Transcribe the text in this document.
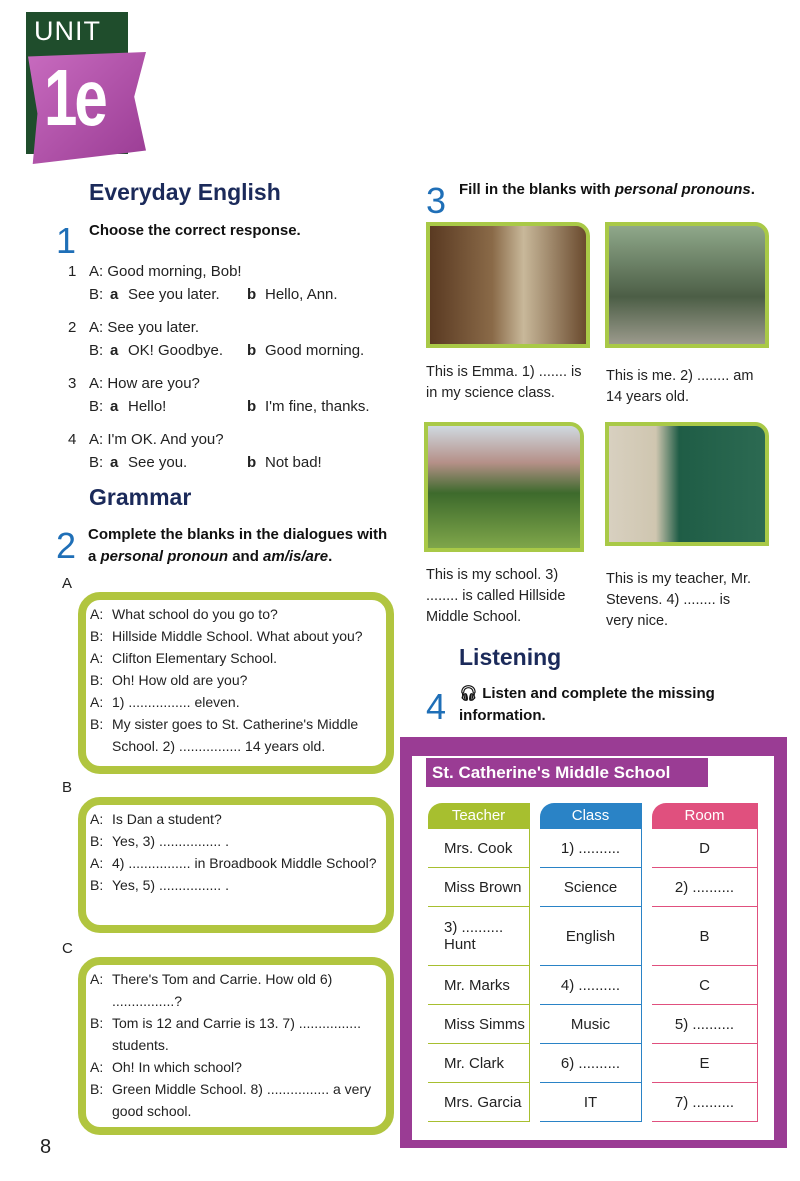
UNIT
1e
Everyday English
1 Choose the correct response.
1 A: Good morning, Bob!
B: a See you later. b Hello, Ann.
2 A: See you later.
B: a OK! Goodbye. b Good morning.
3 A: How are you?
B: a Hello!	b I'm fine, thanks.
4 A: I'm OK. And you?
B: a See you.	b Not bad!
Grammar
2 Complete the blanks in the dialogues with a personal pronoun and am/is/are.
A
A: What school do you go to?
B: Hillside Middle School. What about you?
A: Clifton Elementary School.
B: Oh! How old are you?
A: 1) ................ eleven.
B: My sister goes to St. Catherine's Middle School. 2) ................ 14 years old.
B
A: Is Dan a student?
B: Yes, 3) ................ .
A: 4) ................ in Broadbook Middle School?
B: Yes, 5) ................ .
C
A: There's Tom and Carrie. How old 6) ................?
B: Tom is 12 and Carrie is 13. 7) ................ students.
A: Oh! In which school?
B: Green Middle School. 8) ................ a very good school.
3 Fill in the blanks with personal pronouns.
This is Emma. 1) ....... is in my science class.
This is me. 2) ........ am 14 years old.
This is my school. 3) ........ is called Hillside Middle School.
This is my teacher, Mr. Stevens. 4) ........ is very nice.
Listening
4 🎧︎ Listen and complete the missing information.
St. Catherine's Middle School
Teacher
Mrs. Cook
Miss Brown
3) .......... Hunt
Mr. Marks
Miss Simms
Mr. Clark
Mrs. Garcia
Class
1) ..........
Science
English
4) ..........
Music
6) ..........
IT
Room
D
2) ..........
B
C
5) ..........
E
7) ..........
8
